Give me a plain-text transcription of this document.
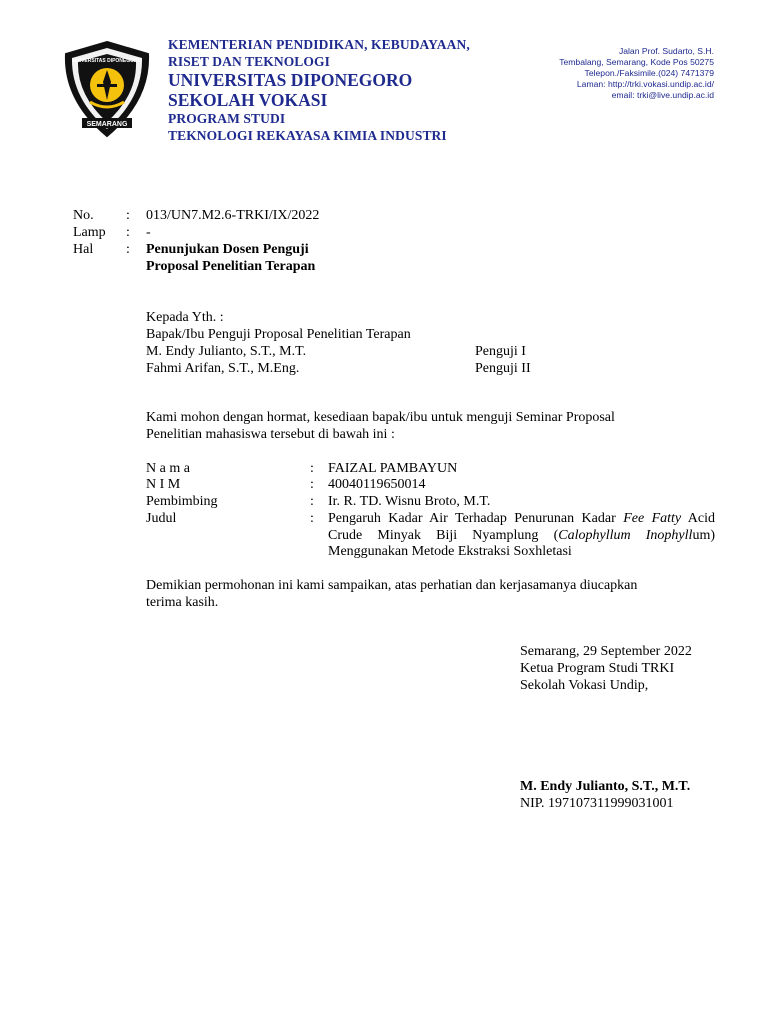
SEMARANG
UNIVERSITAS DIPONEGORO
KEMENTERIAN PENDIDIKAN, KEBUDAYAAN,
RISET DAN TEKNOLOGI
UNIVERSITAS DIPONEGORO
SEKOLAH VOKASI
PROGRAM STUDI
TEKNOLOGI REKAYASA KIMIA INDUSTRI
Jalan Prof. Sudarto, S.H.
Tembalang, Semarang, Kode Pos 50275
Telepon./Faksimile.(024) 7471379
Laman: http://trki.vokasi.undip.ac.id/
email: trki@live.undip.ac.id
No. : 013/UN7.M2.6-TRKI/IX/2022
Lamp : -
Hal : Penunjukan Dosen Penguji
Proposal Penelitian Terapan
Kepada Yth. :
Bapak/Ibu Penguji Proposal Penelitian Terapan
M. Endy Julianto, S.T., M.T.	Penguji I
Fahmi Arifan, S.T., M.Eng.	Penguji II
Kami mohon dengan hormat, kesediaan bapak/ibu untuk menguji Seminar Proposal
Penelitian mahasiswa tersebut di bawah ini :
N a m a	: FAIZAL PAMBAYUN
N I M	: 40040119650014
Pembimbing	: Ir. R. TD. Wisnu Broto, M.T.
Judul	: Pengaruh Kadar Air Terhadap Penurunan Kadar Fee Fatty Acid Crude Minyak Biji Nyamplung (Calophyllum Inophyllum) Menggunakan Metode Ekstraksi Soxhletasi
Demikian permohonan ini kami sampaikan, atas perhatian dan kerjasamanya diucapkan
terima kasih.
Semarang, 29 September 2022
Ketua Program Studi TRKI
Sekolah Vokasi Undip,
M. Endy Julianto, S.T., M.T.
NIP. 197107311999031001
